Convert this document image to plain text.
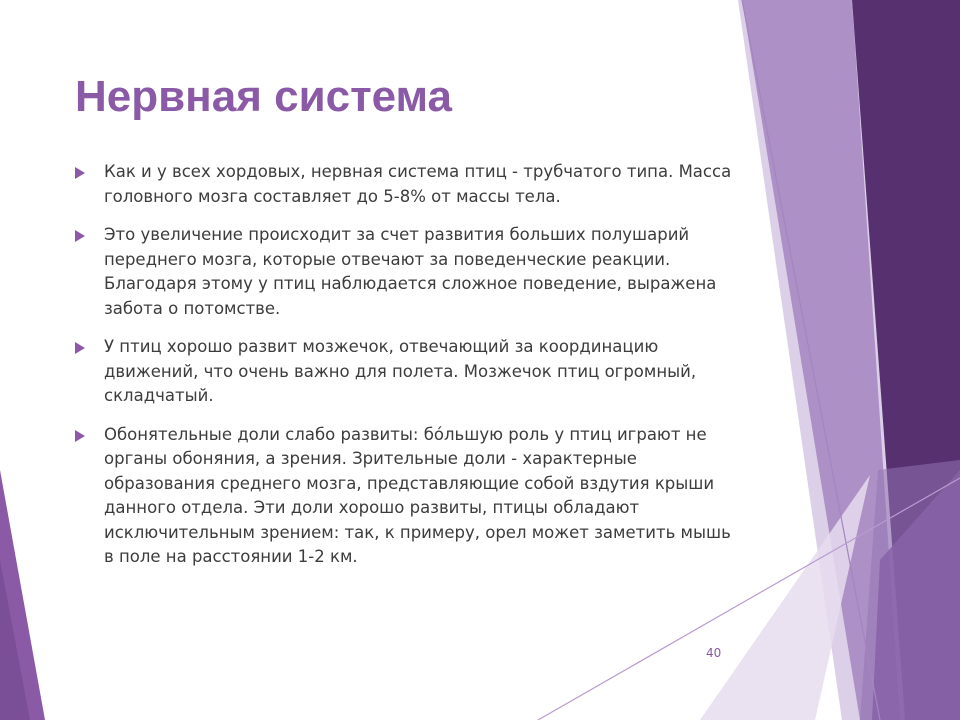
Нервная система
Как и у всех хордовых, нервная система птиц - трубчатого типа. Масса головного мозга составляет до 5-8% от массы тела.
Это увеличение происходит за счет развития больших полушарий переднего мозга, которые отвечают за поведенческие реакции. Благодаря этому у птиц наблюдается сложное поведение, выражена забота о потомстве.
У птиц хорошо развит мозжечок, отвечающий за координацию движений, что очень важно для полета. Мозжечок птиц огромный, складчатый.
Обонятельные доли слабо развиты: бóльшую роль у птиц играют не органы обоняния, а зрения. Зрительные доли - характерные образования среднего мозга, представляющие собой вздутия крыши данного отдела. Эти доли хорошо развиты, птицы обладают исключительным зрением: так, к примеру, орел может заметить мышь в поле на расстоянии 1-2 км.
40
